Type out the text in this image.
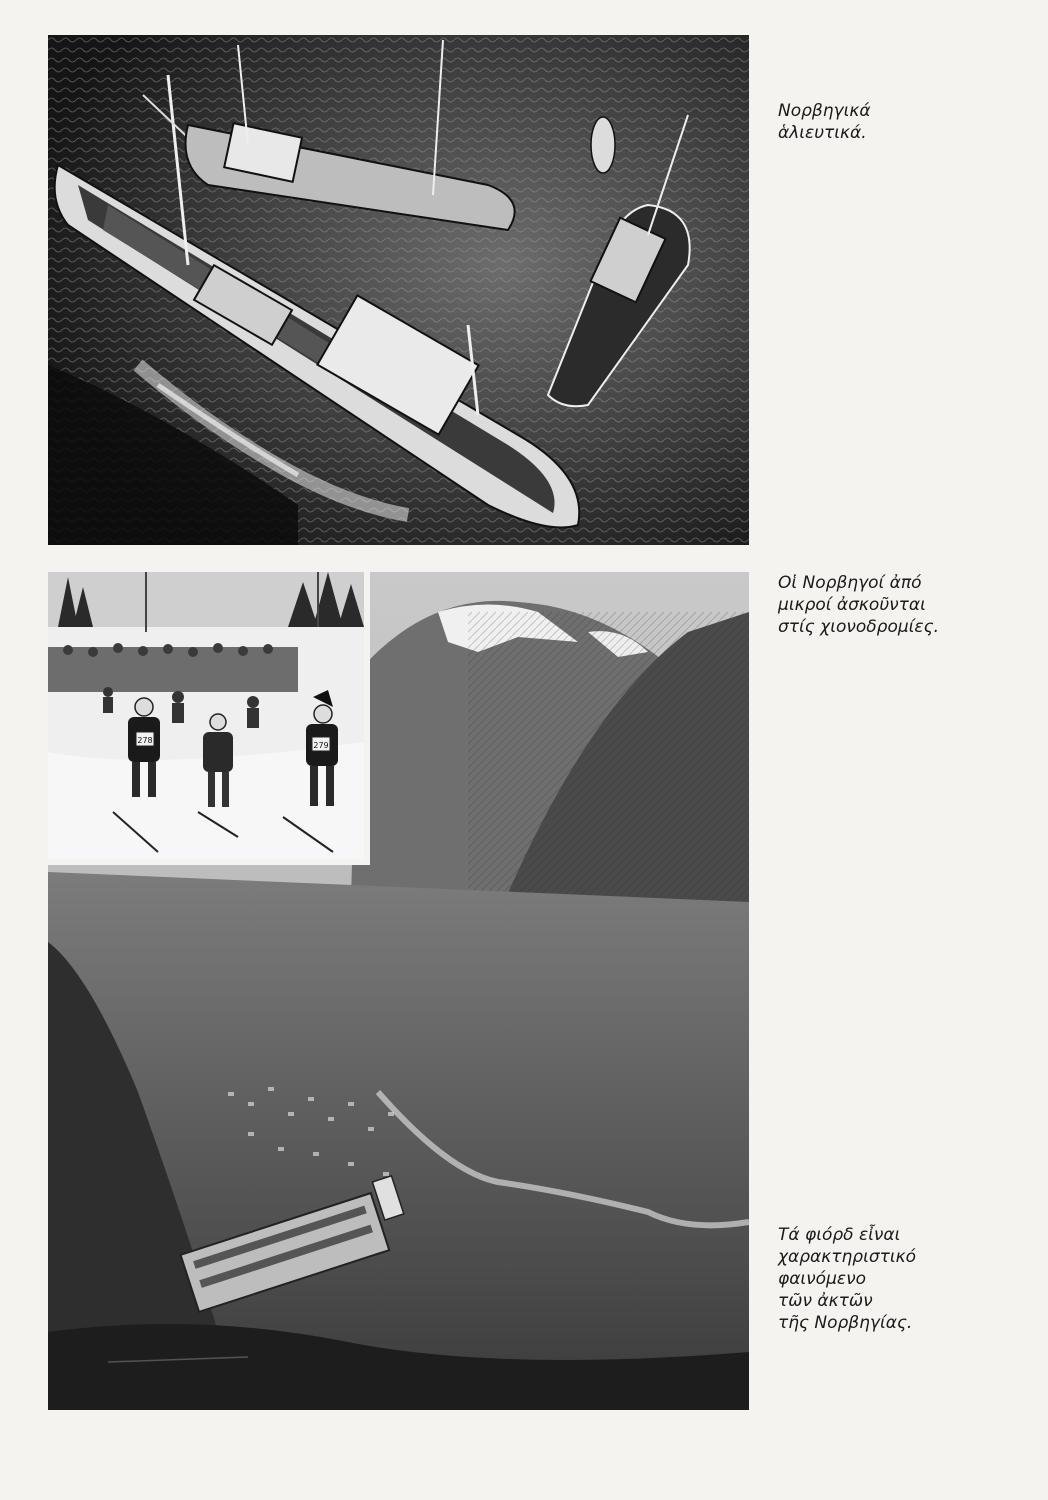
Νορβηγικά
ἁλιευτικά.

278
279

Οἱ Νορβηγοί ἀπό
μικροί ἀσκοῦνται
στίς χιονοδρομίες.

Τά φιόρδ εἶναι
χαρακτηριστικό
φαινόμενο
τῶν ἀκτῶν
τῆς Νορβηγίας.
